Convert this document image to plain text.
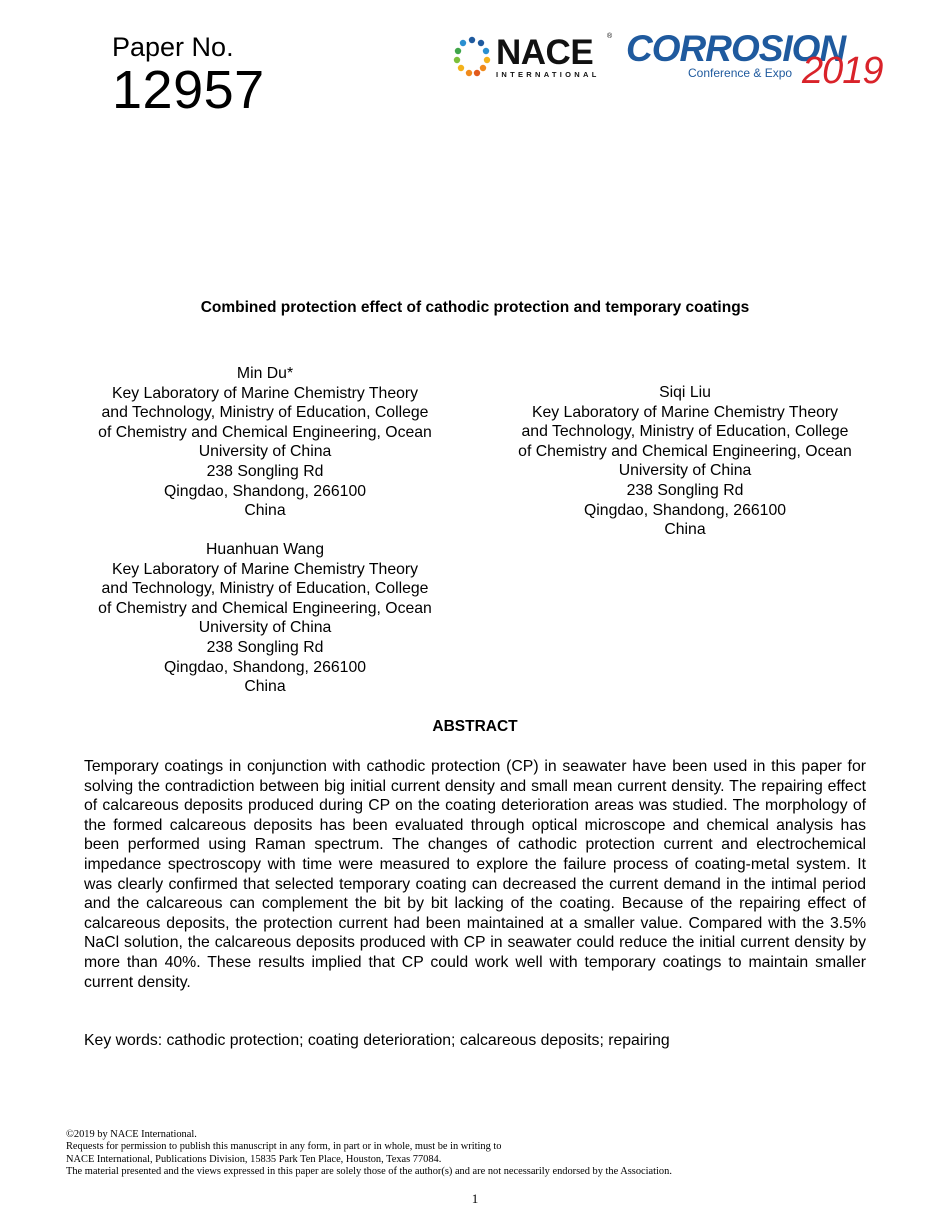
Paper No.
12957
NACE ®
INTERNATIONAL
CORROSION
Conference & Expo 2019
Combined protection effect of cathodic protection and temporary coatings

Min Du*

Key Laboratory of Marine Chemistry Theory

and Technology, Ministry of Education, College

of Chemistry and Chemical Engineering, Ocean

University of China

238 Songling Rd

Qingdao, Shandong, 266100

China

Siqi Liu

Key Laboratory of Marine Chemistry Theory

and Technology, Ministry of Education, College

of Chemistry and Chemical Engineering, Ocean

University of China

238 Songling Rd

Qingdao, Shandong, 266100

China

Huanhuan Wang

Key Laboratory of Marine Chemistry Theory

and Technology, Ministry of Education, College

of Chemistry and Chemical Engineering, Ocean

University of China

238 Songling Rd

Qingdao, Shandong, 266100

China

ABSTRACT

Temporary coatings in conjunction with cathodic protection (CP) in seawater have been used in this paper for solving the contradiction between big initial current density and small mean current density. The repairing effect of calcareous deposits produced during CP on the coating deterioration areas was studied. The morphology of the formed calcareous deposits has been evaluated through optical microscope and chemical analysis has been performed using Raman spectrum. The changes of cathodic protection current and electrochemical impedance spectroscopy with time were measured to explore the failure process of coating-metal system. It was clearly confirmed that selected temporary coating can decreased the current demand in the intimal period and the calcareous can complement the bit by bit lacking of the coating. Because of the repairing effect of calcareous deposits, the protection current had been maintained at a smaller value. Compared with the 3.5% NaCl solution, the calcareous deposits produced with CP in seawater could reduce the initial current density by more than 40%. These results implied that CP could work well with temporary coatings to maintain smaller current density.

Key words: cathodic protection; coating deterioration; calcareous deposits; repairing

©2019 by NACE International.

Requests for permission to publish this manuscript in any form, in part or in whole, must be in writing to

NACE International, Publications Division, 15835 Park Ten Place, Houston, Texas 77084.

The material presented and the views expressed in this paper are solely those of the author(s) and are not necessarily endorsed by the Association.

1
